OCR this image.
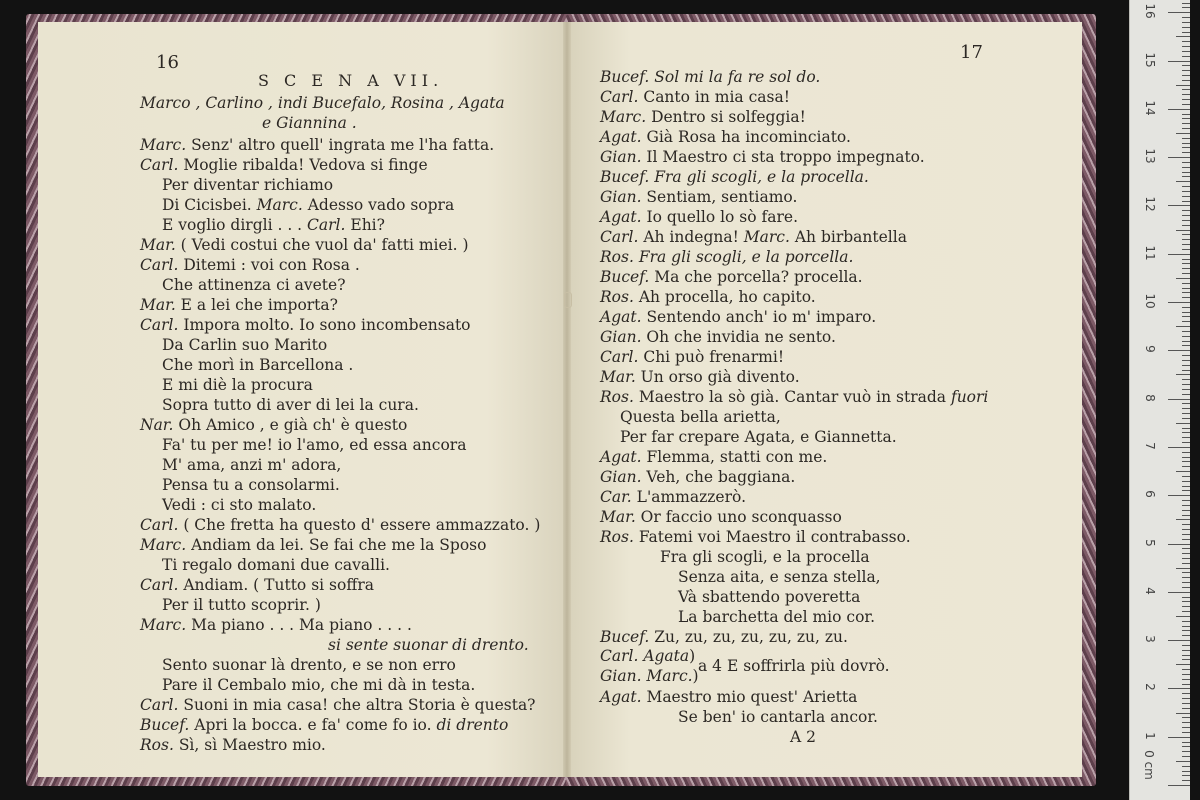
16
S C E N A VII.
Marco , Carlino , indi Bucefalo, Rosina , Agata
e Giannina .
Marc. Senz' altro quell' ingrata me l'ha fatta.
Carl. Moglie ribalda! Vedova si finge
Per diventar richiamo
Di Cicisbei. Marc. Adesso vado sopra
E voglio dirgli . . . Carl. Ehi?
Mar. ( Vedi costui che vuol da' fatti miei. )
Carl. Ditemi : voi con Rosa .
Che attinenza ci avete?
Mar. E a lei che importa?
Carl. Impora molto. Io sono incombensato
Da Carlin suo Marito
Che morì in Barcellona .
E mi diè la procura
Sopra tutto di aver di lei la cura.
Nar. Oh Amico , e già ch' è questo
Fa' tu per me! io l'amo, ed essa ancora
M' ama, anzi m' adora,
Pensa tu a consolarmi.
Vedi : ci sto malato.
Carl. ( Che fretta ha questo d' essere ammazzato. )
Marc. Andiam da lei. Se fai che me la Sposo
Ti regalo domani due cavalli.
Carl. Andiam. ( Tutto si soffra
Per il tutto scoprir. )
Marc. Ma piano . . . Ma piano . . . .
si sente suonar di drento.
Sento suonar là drento, e se non erro
Pare il Cembalo mio, che mi dà in testa.
Carl. Suoni in mia casa! che altra Storia è questa?
Bucef. Apri la bocca. e fa' come fo io. di drento
Ros. Sì, sì Maestro mio.
17
Bucef. Sol mi la fa re sol do.
Carl. Canto in mia casa!
Marc. Dentro si solfeggia!
Agat. Già Rosa ha incominciato.
Gian. Il Maestro ci sta troppo impegnato.
Bucef. Fra gli scogli, e la procella.
Gian. Sentiam, sentiamo.
Agat. Io quello lo sò fare.
Carl. Ah indegna! Marc. Ah birbantella
Ros. Fra gli scogli, e la porcella.
Bucef. Ma che porcella? procella.
Ros. Ah procella, ho capito.
Agat. Sentendo anch' io m' imparo.
Gian. Oh che invidia ne sento.
Carl. Chi può frenarmi!
Mar. Un orso già divento.
Ros. Maestro la sò già. Cantar vuò in strada fuori
Questa bella arietta,
Per far crepare Agata, e Giannetta.
Agat. Flemma, statti con me.
Gian. Veh, che baggiana.
Car. L'ammazzerò.
Mar. Or faccio uno sconquasso
Ros. Fatemi voi Maestro il contrabasso.
Fra gli scogli, e la procella
Senza aita, e senza stella,
Và sbattendo poveretta
La barchetta del mio cor.
Bucef. Zu, zu, zu, zu, zu, zu, zu.
Carl. Agata)
a 4 E soffrirla più dovrò.
Gian. Marc.)
Agat. Maestro mio quest' Arietta
Se ben' io cantarla ancor.
A 2
0 cm
1
2
3
4
5
6
7
8
9
10
11
12
13
14
15
16
